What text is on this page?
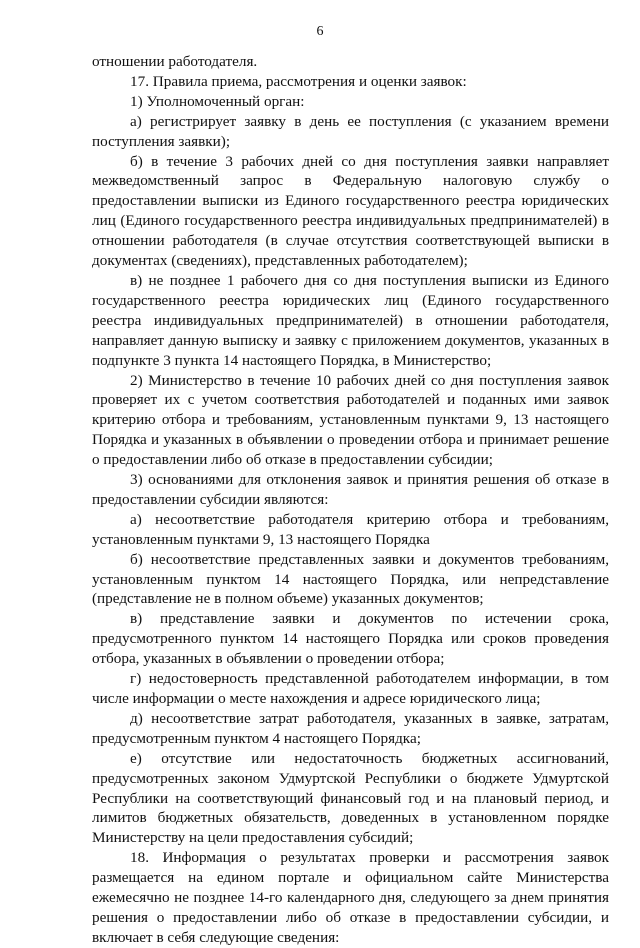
6

отношении работодателя.

17. Правила приема, рассмотрения и оценки заявок:

1) Уполномоченный орган:

а) регистрирует заявку в день ее поступления (с указанием времени поступления заявки);

б) в течение 3 рабочих дней со дня поступления заявки направляет межведомственный запрос в Федеральную налоговую службу о предоставлении выписки из Единого государственного реестра юридических лиц (Единого государственного реестра индивидуальных предпринимателей) в отношении работодателя (в случае отсутствия соответствующей выписки в документах (сведениях), представленных работодателем);

в) не позднее 1 рабочего дня со дня поступления выписки из Единого государственного реестра юридических лиц (Единого государственного реестра индивидуальных предпринимателей) в отношении работодателя, направляет данную выписку и заявку с приложением документов, указанных в подпункте 3 пункта 14 настоящего Порядка, в Министерство;

2) Министерство в течение 10 рабочих дней со дня поступления заявок проверяет их с учетом соответствия работодателей и поданных ими заявок критерию отбора и требованиям, установленным пунктами 9, 13 настоящего Порядка и указанных в объявлении о проведении отбора и принимает решение о предоставлении либо об отказе в предоставлении субсидии;

3) основаниями для отклонения заявок и принятия решения об отказе в предоставлении субсидии являются:

а) несоответствие работодателя критерию отбора и требованиям, установленным пунктами 9, 13 настоящего Порядка

б) несоответствие представленных заявки и документов требованиям, установленным пунктом 14 настоящего Порядка, или непредставление (представление не в полном объеме) указанных документов;

в) представление заявки и документов по истечении срока, предусмотренного пунктом 14 настоящего Порядка или сроков проведения отбора, указанных в объявлении о проведении отбора;

г) недостоверность представленной работодателем информации, в том числе информации о месте нахождения и адресе юридического лица;

д) несоответствие затрат работодателя, указанных в заявке, затратам, предусмотренным пунктом 4 настоящего Порядка;

е) отсутствие или недостаточность бюджетных ассигнований, предусмотренных законом Удмуртской Республики о бюджете Удмуртской Республики на соответствующий финансовый год и на плановый период, и лимитов бюджетных обязательств, доведенных в установленном порядке Министерству на цели предоставления субсидий;

18. Информация о результатах проверки и рассмотрения заявок размещается на едином портале и официальном сайте Министерства ежемесячно не позднее 14-го календарного дня, следующего за днем принятия решения о предоставлении либо об отказе в предоставлении субсидии, и включает в себя следующие сведения:
